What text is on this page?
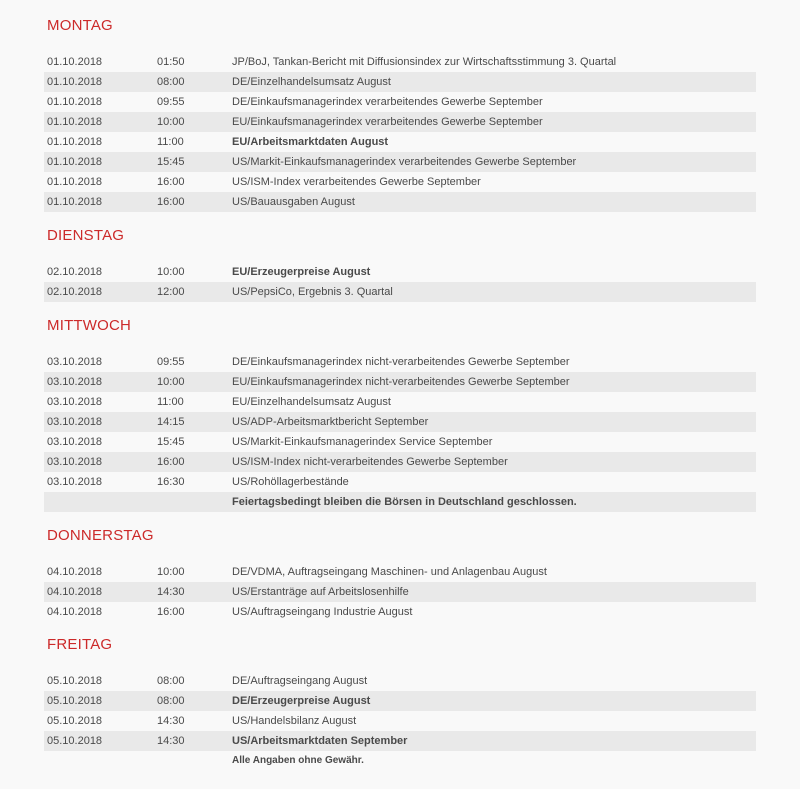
MONTAG
01.10.2018	01:50	JP/BoJ, Tankan-Bericht mit Diffusionsindex zur Wirtschaftsstimmung 3. Quartal
01.10.2018	08:00	DE/Einzelhandelsumsatz August
01.10.2018	09:55	DE/Einkaufsmanagerindex verarbeitendes Gewerbe September
01.10.2018	10:00	EU/Einkaufsmanagerindex verarbeitendes Gewerbe September
01.10.2018	11:00	EU/Arbeitsmarktdaten August
01.10.2018	15:45	US/Markit-Einkaufsmanagerindex verarbeitendes Gewerbe September
01.10.2018	16:00	US/ISM-Index verarbeitendes Gewerbe September
01.10.2018	16:00	US/Bauausgaben August
DIENSTAG
02.10.2018	10:00	EU/Erzeugerpreise August
02.10.2018	12:00	US/PepsiCo, Ergebnis 3. Quartal
MITTWOCH
03.10.2018	09:55	DE/Einkaufsmanagerindex nicht-verarbeitendes Gewerbe September
03.10.2018	10:00	EU/Einkaufsmanagerindex nicht-verarbeitendes Gewerbe September
03.10.2018	11:00	EU/Einzelhandelsumsatz August
03.10.2018	14:15	US/ADP-Arbeitsmarktbericht September
03.10.2018	15:45	US/Markit-Einkaufsmanagerindex Service September
03.10.2018	16:00	US/ISM-Index nicht-verarbeitendes Gewerbe September
03.10.2018	16:30	US/Rohöllagerbestände
Feiertagsbedingt bleiben die Börsen in Deutschland geschlossen.
DONNERSTAG
04.10.2018	10:00	DE/VDMA, Auftragseingang Maschinen- und Anlagenbau August
04.10.2018	14:30	US/Erstanträge auf Arbeitslosenhilfe
04.10.2018	16:00	US/Auftragseingang Industrie August
FREITAG
05.10.2018	08:00	DE/Auftragseingang August
05.10.2018	08:00	DE/Erzeugerpreise August
05.10.2018	14:30	US/Handelsbilanz August
05.10.2018	14:30	US/Arbeitsmarktdaten September
Alle Angaben ohne Gewähr.
